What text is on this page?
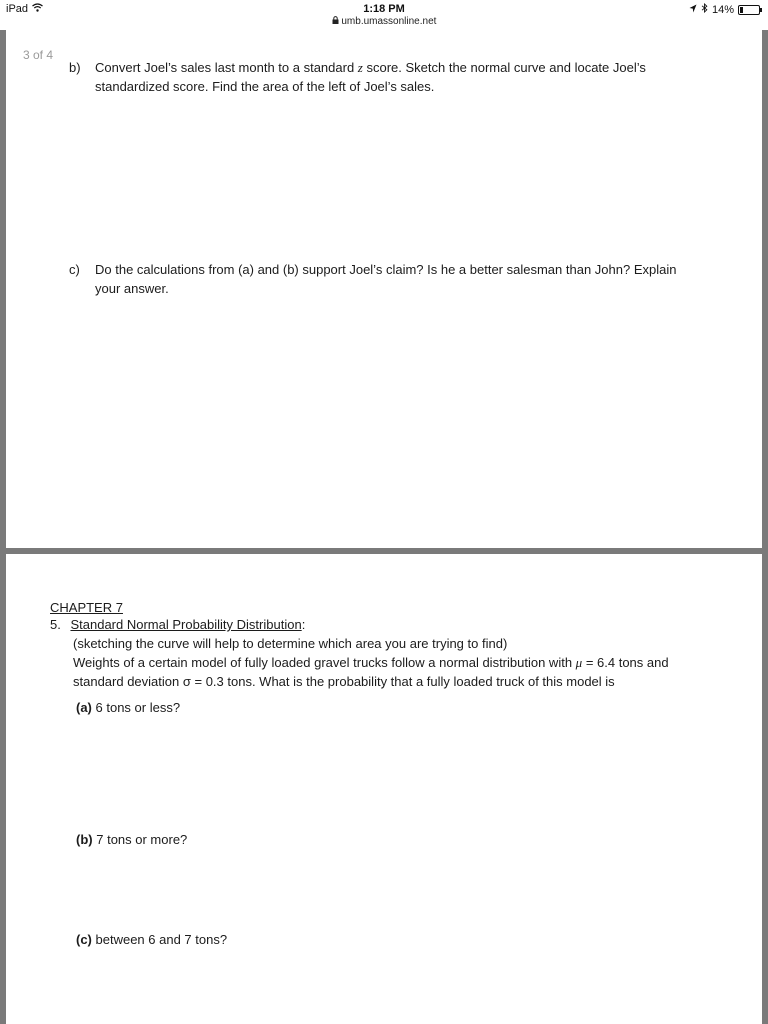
iPad	1:18 PM
umb.umassonline.net
14%
3 of 4
b) Convert Joel’s sales last month to a standard z score. Sketch the normal curve and locate Joel’s
standardized score. Find the area of the left of Joel’s sales.
c) Do the calculations from (a) and (b) support Joel’s claim? Is he a better salesman than John? Explain
your answer.
CHAPTER 7
5. Standard Normal Probability Distribution:
(sketching the curve will help to determine which area you are trying to find)
Weights of a certain model of fully loaded gravel trucks follow a normal distribution with μ = 6.4 tons and
standard deviation σ = 0.3 tons. What is the probability that a fully loaded truck of this model is
(a) 6 tons or less?
(b) 7 tons or more?
(c) between 6 and 7 tons?
